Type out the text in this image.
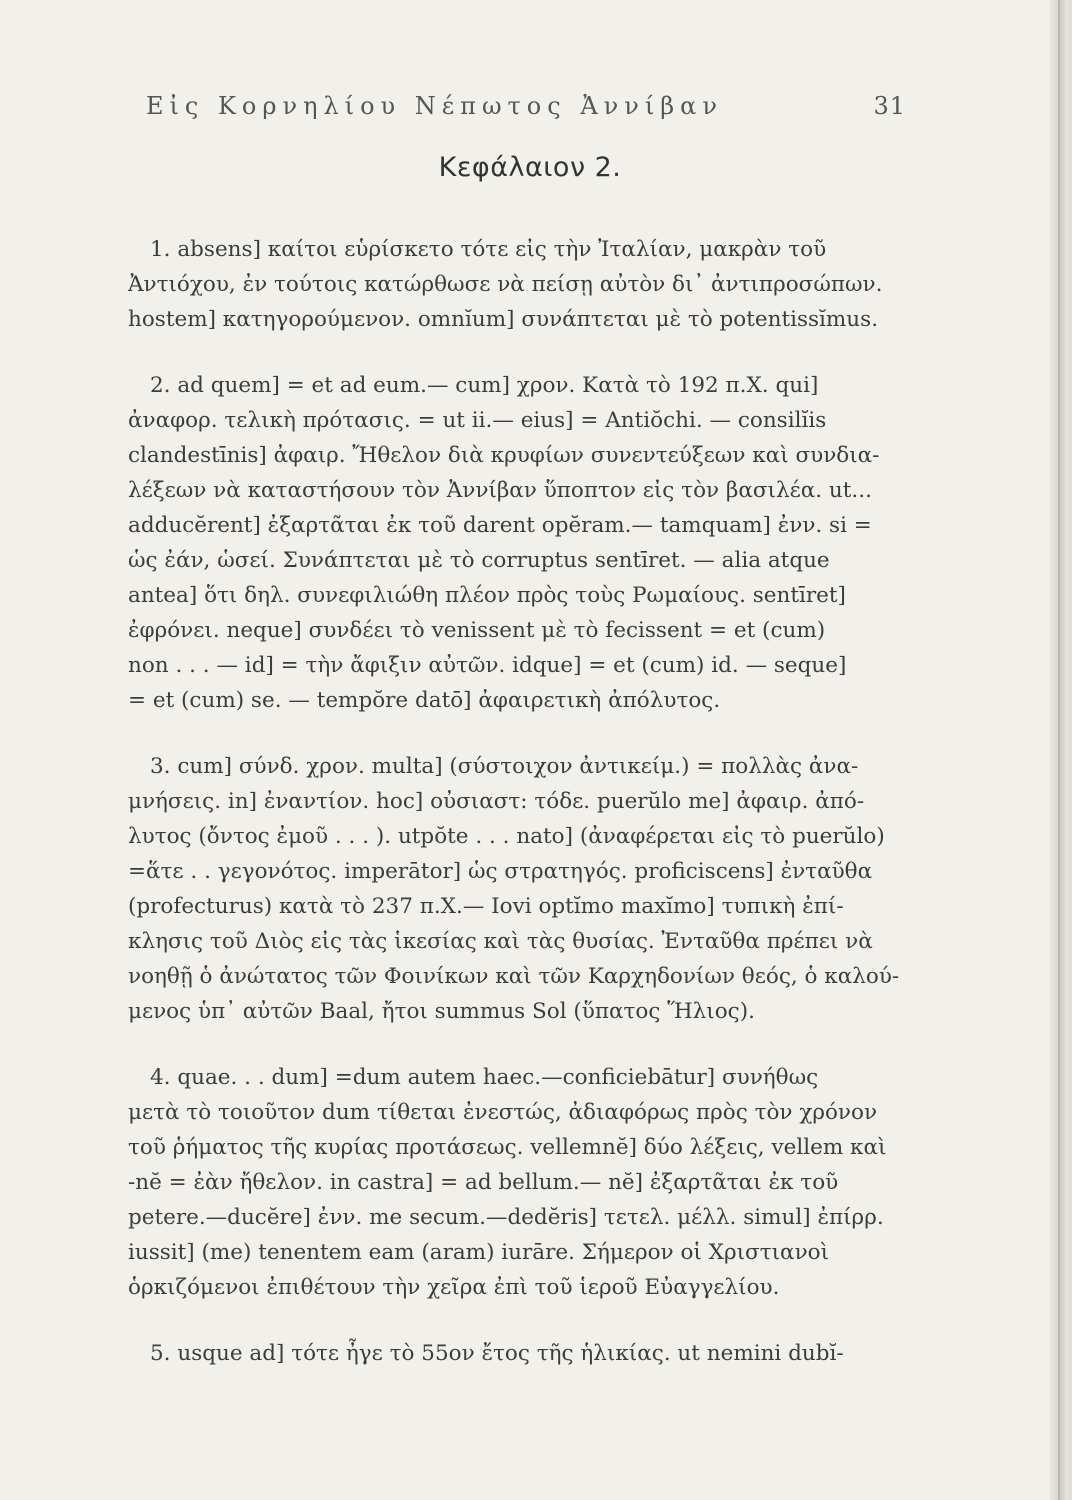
Εἰς Κορνηλίου Νέπωτος Ἀννίβαν	31
Κεφάλαιον 2.
1. absens] καίτοι εὑρίσκετο τότε εἰς τὴν Ἰταλίαν, μακρὰν τοῦ
Ἀντιόχου, ἐν τούτοις κατώρθωσε νὰ πείσῃ αὐτὸν δι᾿ ἀντιπροσώπων.
hostem] κατηγορούμενον. omnĭum] συνάπτεται μὲ τὸ potentissĭmus.
2. ad quem] = et ad eum.— cum] χρον. Κατὰ τὸ 192 π.Χ. qui]
ἀναφορ. τελικὴ πρότασις. = ut ii.— eius] = Antiŏchi. — consilĭis
clandestīnis] ἀφαιρ. Ἤθελον διὰ κρυφίων συνεντεύξεων καὶ συνδια-
λέξεων νὰ καταστήσουν τὸν Ἀννίβαν ὕποπτον εἰς τὸν βασιλέα. ut...
adducĕrent] ἐξαρτᾶται ἐκ τοῦ darent opĕram.— tamquam] ἐνν. si =
ὡς ἐάν, ὡσεί. Συνάπτεται μὲ τὸ corruptus sentīret. — alia atque
antea] ὅτι δηλ. συνεφιλιώθη πλέον πρὸς τοὺς Ρωμαίους. sentīret]
ἐφρόνει. neque] συνδέει τὸ venissent μὲ τὸ fecissent = et (cum)
non . . . — id] = τὴν ἄφιξιν αὐτῶν. idque] = et (cum) id. — seque]
= et (cum) se. — tempŏre datō] ἀφαιρετικὴ ἀπόλυτος.
3. cum] σύνδ. χρον. multa] (σύστοιχον ἀντικείμ.) = πολλὰς ἀνα-
μνήσεις. in] ἐναντίον. hoc] οὐσιαστ: τόδε. puerŭlo me] ἀφαιρ. ἀπό-
λυτος (ὄντος ἐμοῦ . . . ). utpŏte . . . nato] (ἀναφέρεται εἰς τὸ puerŭlo)
=ἅτε . . γεγονότος. imperātor] ὡς στρατηγός. proficiscens] ἐνταῦθα
(profecturus) κατὰ τὸ 237 π.Χ.— Iovi optĭmo maxĭmo] τυπικὴ ἐπί-
κλησις τοῦ Διὸς εἰς τὰς ἱκεσίας καὶ τὰς θυσίας. Ἐνταῦθα πρέπει νὰ
νοηθῇ ὁ ἀνώτατος τῶν Φοινίκων καὶ τῶν Καρχηδονίων θεός, ὁ καλού-
μενος ὑπ᾿ αὐτῶν Baal, ἤτοι summus Sol (ὕπατος Ἥλιος).
4. quae. . . dum] =dum autem haec.—conficiebātur] συνήθως
μετὰ τὸ τοιοῦτον dum τίθεται ἐνεστώς, ἀδιαφόρως πρὸς τὸν χρόνον
τοῦ ῥήματος τῆς κυρίας προτάσεως. vellemnĕ] δύο λέξεις, vellem καὶ
-nĕ = ἐὰν ἤθελον. in castra] = ad bellum.— nĕ] ἐξαρτᾶται ἐκ τοῦ
petere.—ducĕre] ἐνν. me secum.—dedĕris] τετελ. μέλλ. simul] ἐπίρρ.
iussit] (me) tenentem eam (aram) iurāre. Σήμερον οἱ Χριστιανοὶ
ὁρκιζόμενοι ἐπιθέτουν τὴν χεῖρα ἐπὶ τοῦ ἱεροῦ Εὐαγγελίου.
5. usque ad] τότε ἦγε τὸ 55ον ἔτος τῆς ἡλικίας. ut nemini dubĭ-
